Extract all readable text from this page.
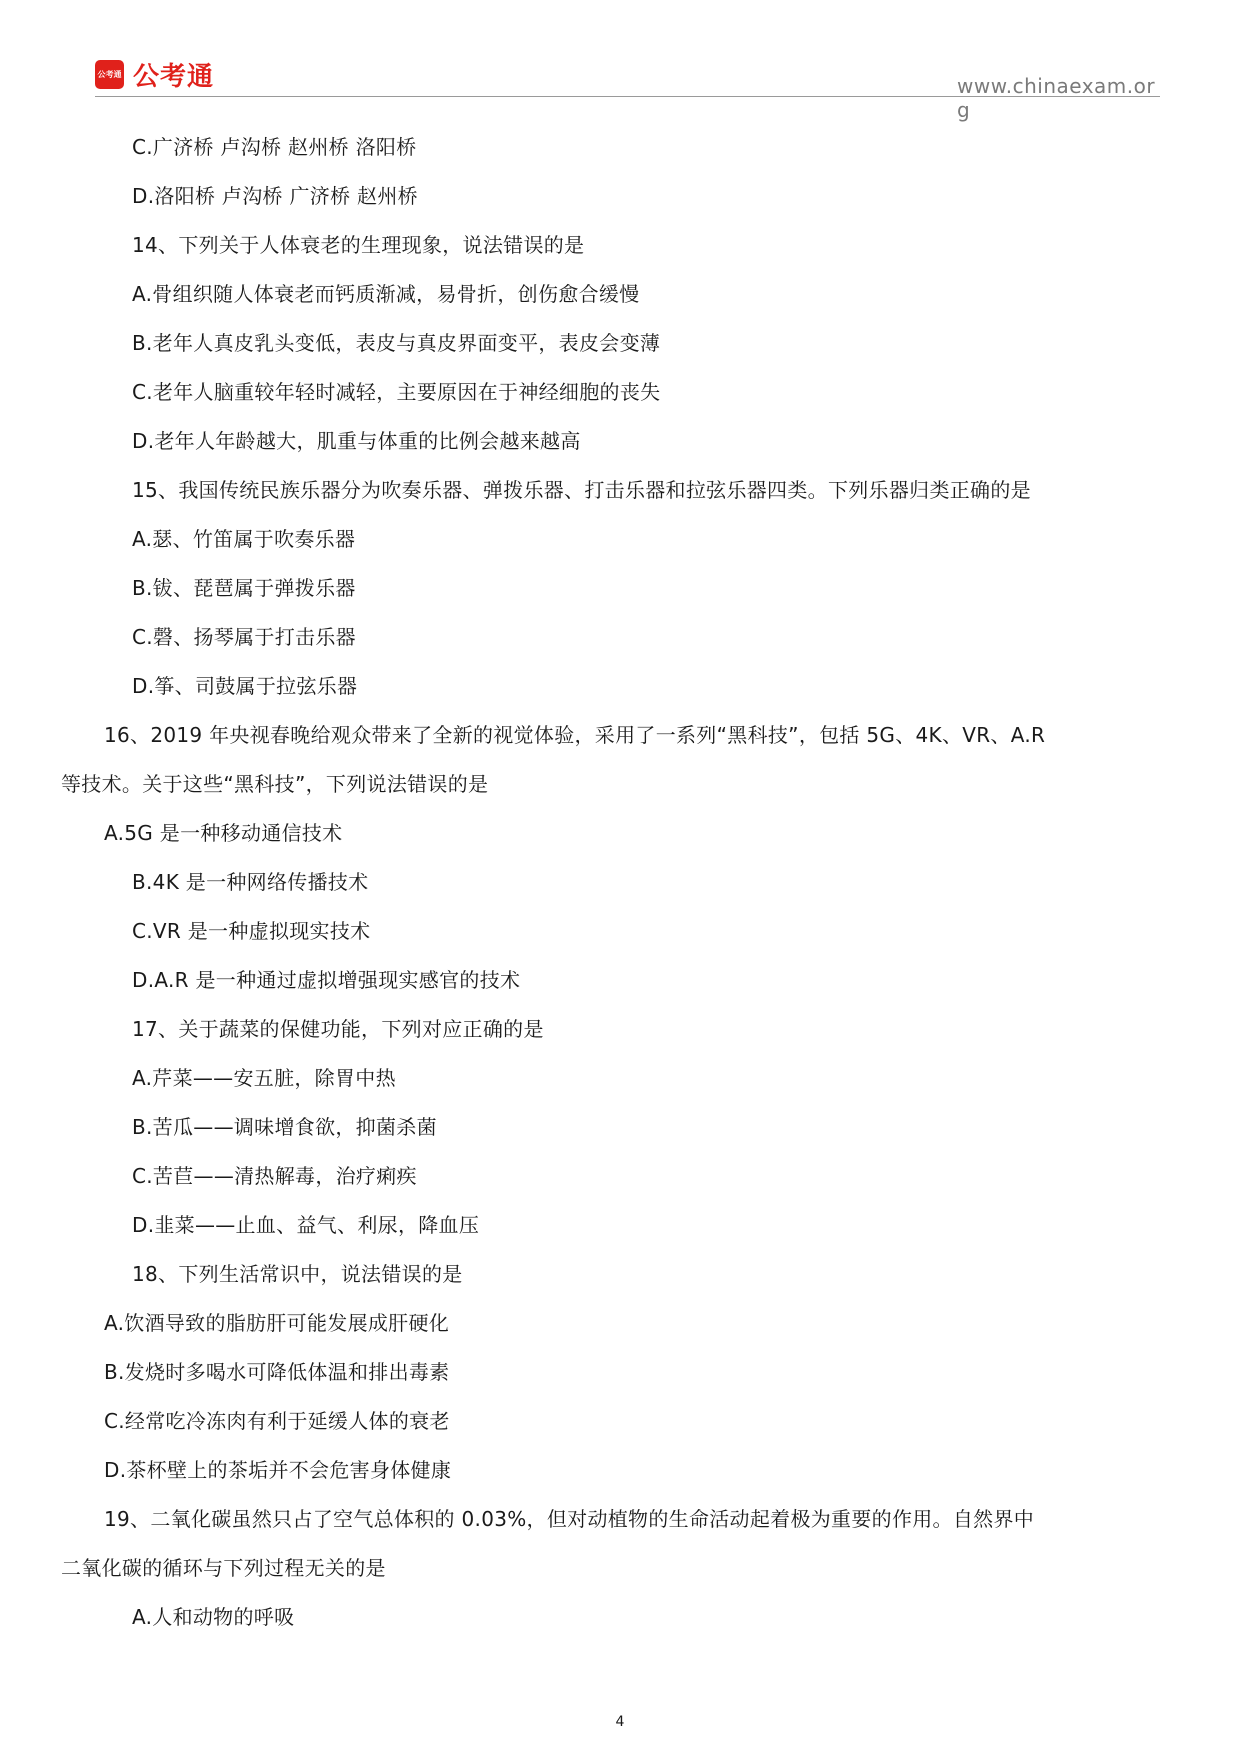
公考通 公考通	www.chinaexam.org
C.广济桥 卢沟桥 赵州桥 洛阳桥
D.洛阳桥 卢沟桥 广济桥 赵州桥
14、下列关于人体衰老的生理现象，说法错误的是
A.骨组织随人体衰老而钙质渐减，易骨折，创伤愈合缓慢
B.老年人真皮乳头变低，表皮与真皮界面变平，表皮会变薄
C.老年人脑重较年轻时减轻，主要原因在于神经细胞的丧失
D.老年人年龄越大，肌重与体重的比例会越来越高
15、我国传统民族乐器分为吹奏乐器、弹拨乐器、打击乐器和拉弦乐器四类。下列乐器归类正确的是
A.瑟、竹笛属于吹奏乐器
B.钹、琵琶属于弹拨乐器
C.磬、扬琴属于打击乐器
D.筝、司鼓属于拉弦乐器
16、2019 年央视春晚给观众带来了全新的视觉体验，采用了一系列“黑科技”，包括 5G、4K、VR、A.R
等技术。关于这些“黑科技”，下列说法错误的是
A.5G 是一种移动通信技术
B.4K 是一种网络传播技术
C.VR 是一种虚拟现实技术
D.A.R 是一种通过虚拟增强现实感官的技术
17、关于蔬菜的保健功能，下列对应正确的是
A.芹菜——安五脏，除胃中热
B.苦瓜——调味增食欲，抑菌杀菌
C.苦苣——清热解毒，治疗痢疾
D.韭菜——止血、益气、利尿，降血压
18、下列生活常识中，说法错误的是
A.饮酒导致的脂肪肝可能发展成肝硬化
B.发烧时多喝水可降低体温和排出毒素
C.经常吃冷冻肉有利于延缓人体的衰老
D.茶杯壁上的茶垢并不会危害身体健康
19、二氧化碳虽然只占了空气总体积的 0.03%，但对动植物的生命活动起着极为重要的作用。自然界中
二氧化碳的循环与下列过程无关的是
A.人和动物的呼吸
4
